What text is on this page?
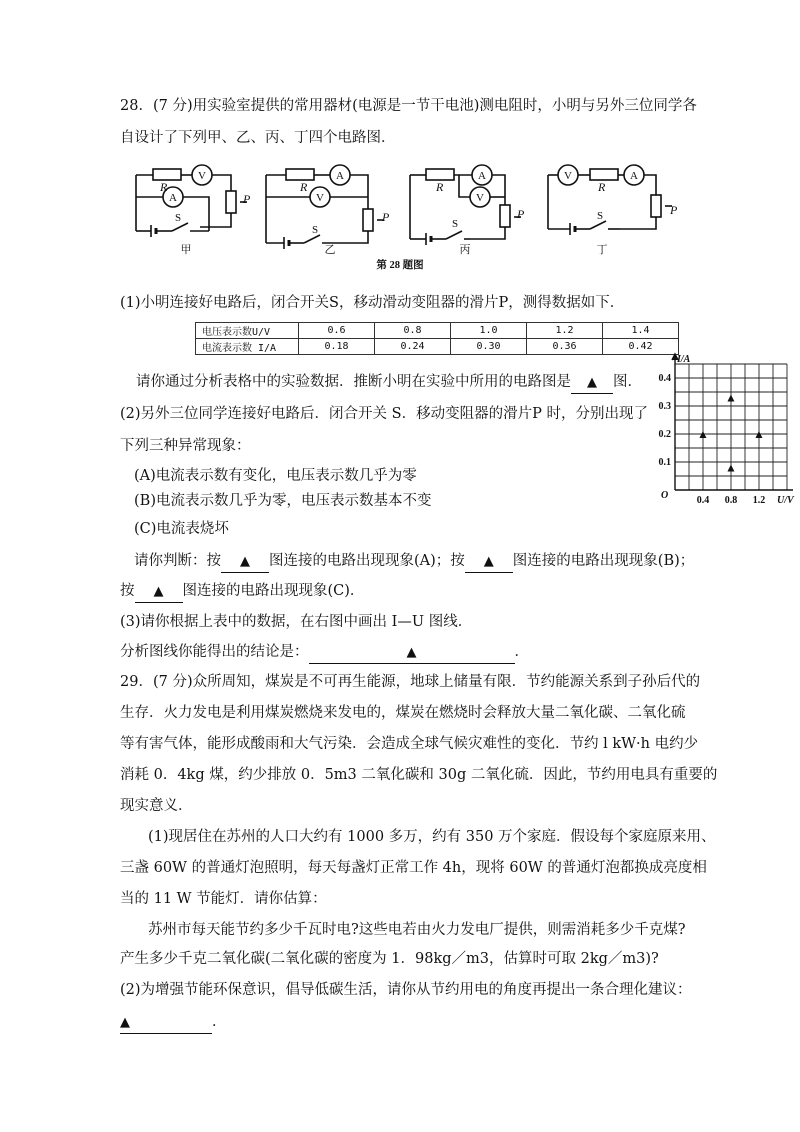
28．(7 分)用实验室提供的常用器材(电源是一节干电池)测电阻时，小明与另外三位同学各
自设计了下列甲、乙、丙、丁四个电路图．
V
A
A
V
A
V
V	A
R
P
R
P
R
P
R
P
S
S	S
S
甲	乙	丙	丁
第 28 题图
(1)小明连接好电路后，闭合开关S，移动滑动变阻器的滑片P，测得数据如下．
电压表示数U/V	0.6	0.8	1.0	1.2	1.4
电流表示数 I/A	0.18	0.24	0.30	0.36	0.42
请你通过分析表格中的实验数据．推断小明在实验中所用的电路图是 ▲ 图．
(2)另外三位同学连接好电路后．闭合开关 S．移动变阻器的滑片P 时，分别出现了
下列三种异常现象：
(A)电流表示数有变化，电压表示数几乎为零
(B)电流表示数几乎为零，电压表示数基本不变
(C)电流表烧坏
请你判断：按 ▲ 图连接的电路出现现象(A)；按 ▲ 图连接的电路出现现象(B)；
按 ▲ 图连接的电路出现现象(C)．
(3)请你根据上表中的数据，在右图中画出 I—U 图线．
分析图线你能得出的结论是：	▲	．
O
I/A
U/V
0.4 0.8 1.2
0.1
0.2
0.3
0.4
▲
▲
▲
▲
29．(7 分)众所周知，煤炭是不可再生能源，地球上储量有限．节约能源关系到子孙后代的
生存．火力发电是利用煤炭燃烧来发电的，煤炭在燃烧时会释放大量二氧化碳、二氧化硫
等有害气体，能形成酸雨和大气污染．会造成全球气候灾难性的变化．节约 l kW·h 电约少
消耗 0．4kg 煤，约少排放 0．5m3 二氧化碳和 30g 二氧化硫．因此，节约用电具有重要的
现实意义．
(1)现居住在苏州的人口大约有 1000 多万，约有 350 万个家庭．假设每个家庭原来用、
三盏 60W 的普通灯泡照明，每天每盏灯正常工作 4h，现将 60W 的普通灯泡都换成亮度相
当的 11 W 节能灯．请你估算：
苏州市每天能节约多少千瓦时电?这些电若由火力发电厂提供，则需消耗多少千克煤?
产生多少千克二氧化碳(二氧化碳的密度为 1．98kg／m3，估算时可取 2kg／m3)?
(2)为增强节能环保意识，倡导低碳生活，请你从节约用电的角度再提出一条合理化建议：
▲	．
